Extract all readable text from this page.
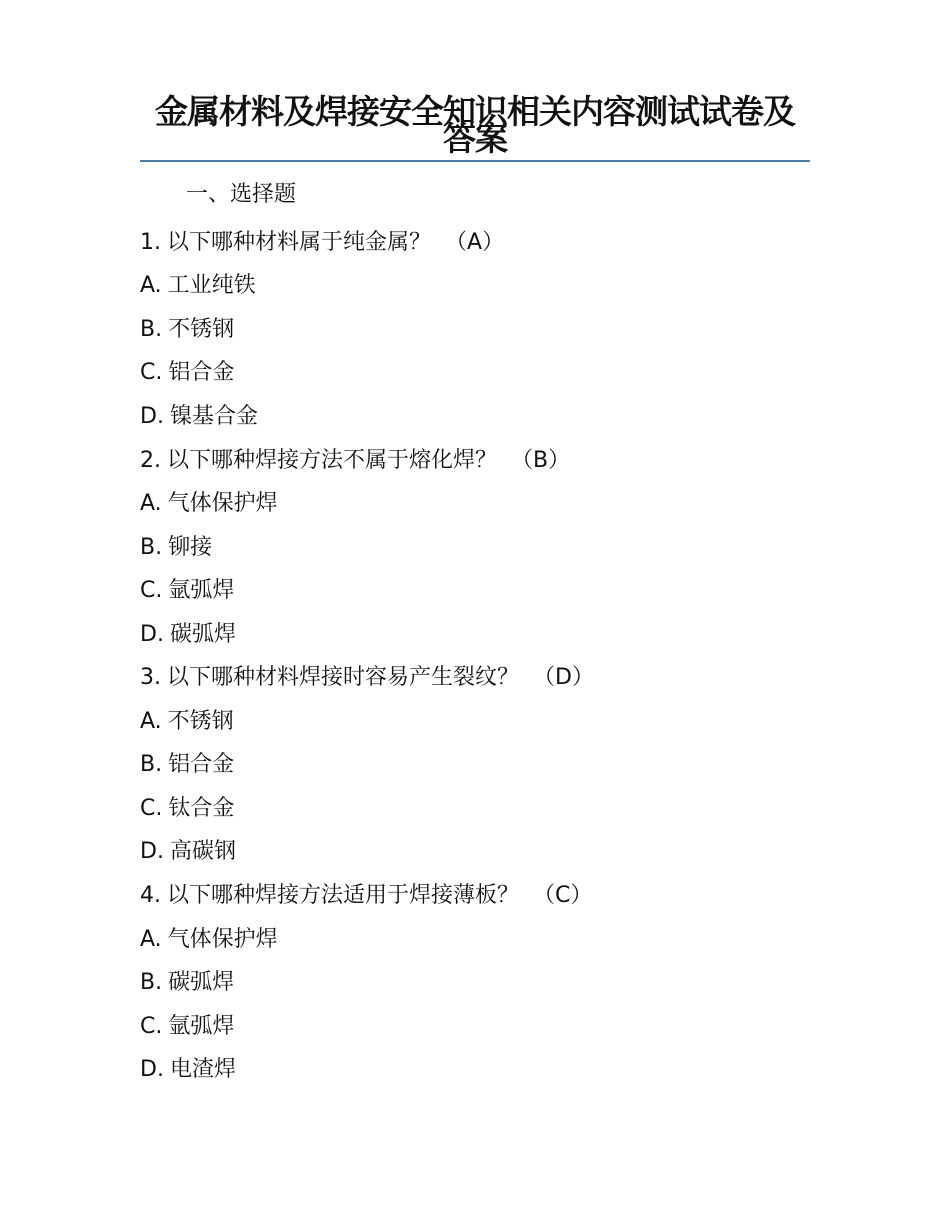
金属材料及焊接安全知识相关内容测试试卷及答案
一、选择题
1. 以下哪种材料属于纯金属？ （A）
A. 工业纯铁
B. 不锈钢
C. 铝合金
D. 镍基合金
2. 以下哪种焊接方法不属于熔化焊？ （B）
A. 气体保护焊
B. 铆接
C. 氩弧焊
D. 碳弧焊
3. 以下哪种材料焊接时容易产生裂纹？ （D）
A. 不锈钢
B. 铝合金
C. 钛合金
D. 高碳钢
4. 以下哪种焊接方法适用于焊接薄板？ （C）
A. 气体保护焊
B. 碳弧焊
C. 氩弧焊
D. 电渣焊
